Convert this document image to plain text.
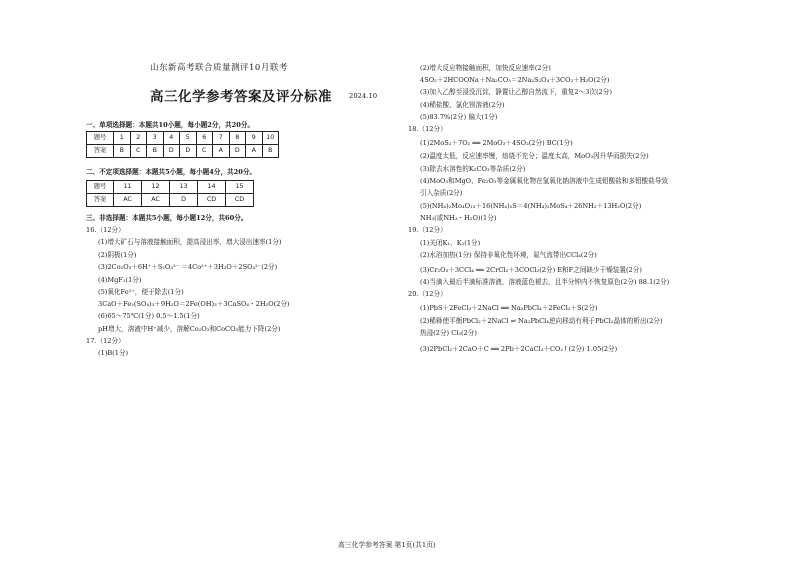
山东新高考联合质量测评10月联考
高三化学参考答案及评分标准	2024.10
一、单项选择题：本题共10小题，每小题2分，共20分。
题号	1	2	3	4	5	6	7	8	9	10
答案	B	C	B	D	D	C	A	D	A	B
二、不定项选择题：本题共5小题，每小题4分，共20分。
题号	11	12	13	14	15
答案	AC	AC	D	CD	CD
三、非选择题：本题共5小题，每小题12分，共60分。
16.（12分）
(1)增大矿石与溶液接触面积，提高浸出率，增大浸出速率(1分)
(2)阴极(1分)
(3)2Co₂O₃＋6H⁺＋S₂O₃²⁻ ＝4Co²⁺＋3H₂O＋2SO₄²⁻(2分)
(4)MgF₂(1分)
(5)氧化Fe²⁺，便于除去(1分)
3CaO＋Fe₂(SO₄)₃＋9H₂O＝2Fe(OH)₃＋3CaSO₄・2H₂O(2分)
(6)65～75℃(1分) 0.5～1.5(1分)
pH增大，溶液中H⁺减少，溶解Co₂O₃和CoCO₃能力下降(2分)
17.（12分）
(1)B(1分)
(2)增大反应物接触面积，加快反应速率(2分)
4SO₂＋2HCOONa＋Na₂CO₃＝2Na₂S₂O₄＋3CO₂＋H₂O(2分)
(3)加入乙醇至浸没沉淀，静置让乙醇自然流下，重复2～3次(2分)
(4)稀盐酸、氯化钡溶液(2分)
(5)83.7%(2分) 偏大(1分)
18.（12分）
(1)2MoS₂＋7O₂ ══ 2MoO₃＋4SO₂(2分) BC(1分)
(2)温度太低，反应速率慢，焙烧不充分；温度太高，MoO₃因升华而损失(2分)
(3)除去水溶性的K₂CO₃等杂质(2分)
(4)MoO₃和MgO、Fe₂O₃等金属氧化物在氢氧化钠溶液中生成钼酸盐和多钼酸盐导致
引入杂质(2分)
(5)(NH₄)₂Mo₄O₁₃＋16(NH₄)₂S＝4(NH₄)₂MoS₄＋26NH₃＋13H₂O(2分)
NH₃(或NH₃・H₂O)(1分)
19.（12分）
(1)关闭K₁、K₂(1分)
(2)水浴加热(1分) 保持非氧化性环境，氮气流带出CCl₄(2分)
(3)Cr₂O₃＋3CCl₄ ══ 2CrCl₃＋3COCl₂(2分) E和F之间缺少干燥装置(2分)
(4)当滴入最后半滴标准溶液，溶液蓝色褪去，且半分钟内不恢复原色(2分) 88.1(2分)
20.（12分）
(1)PbS＋2FeCl₃＋2NaCl ══ Na₂PbCl₄＋2FeCl₂＋S(2分)
(2)稀释使平衡PbCl₂＋2NaCl ⇌ Na₂PbCl₄逆向移动有利于PbCl₂晶体的析出(2分)
热浸(2分) Cl₂(2分)
(3)2PbCl₂＋2CaO＋C ══ 2Pb＋2CaCl₂＋CO₂↑(2分) 1.05(2分)
高三化学参考答案 第1页(共1页)
